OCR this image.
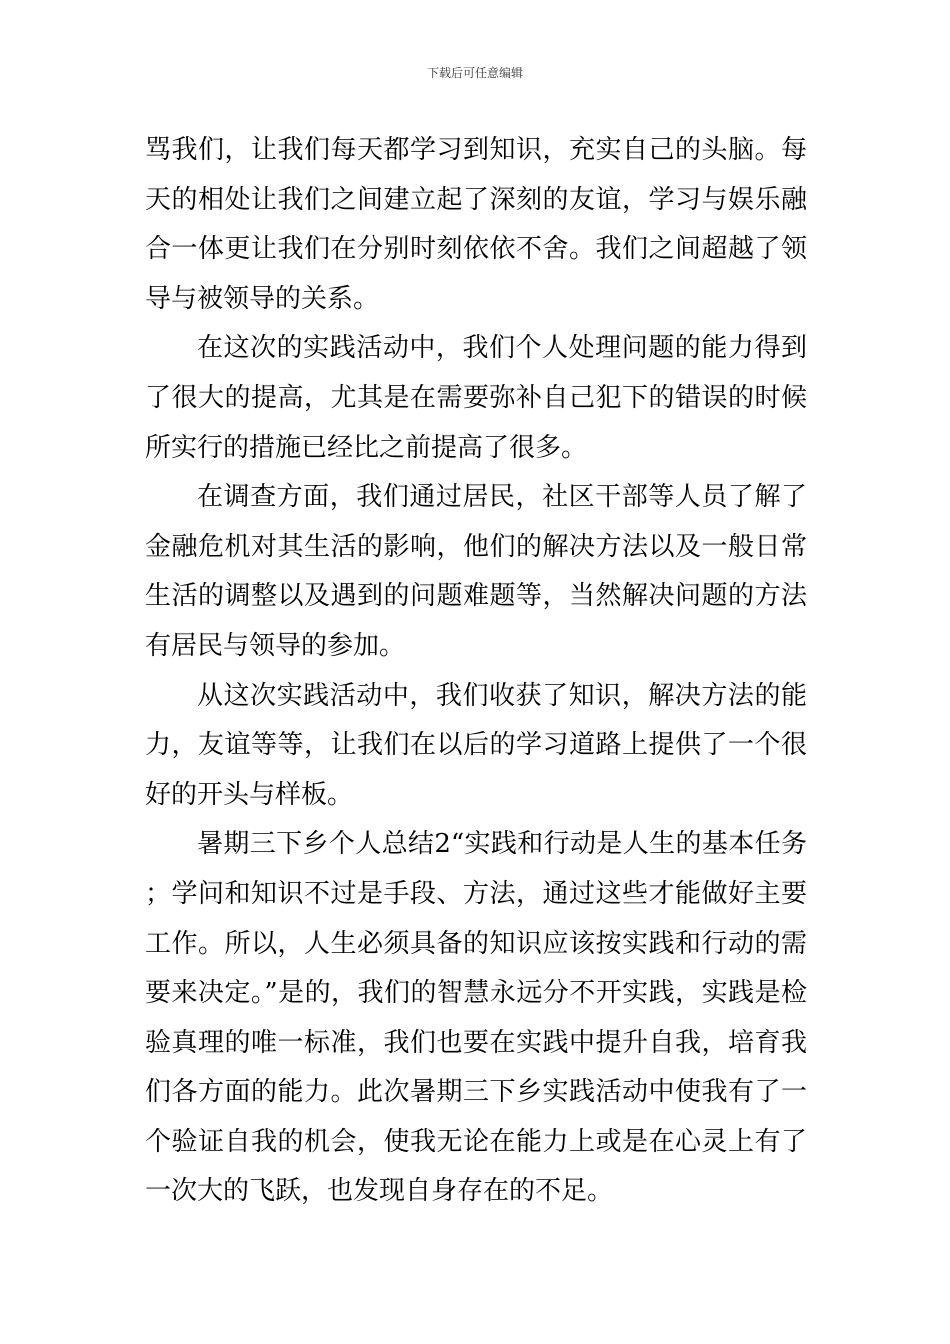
下载后可任意编辑

骂我们，让我们每天都学习到知识，充实自己的头脑。每天的相处让我们之间建立起了深刻的友谊，学习与娱乐融合一体更让我们在分别时刻依依不舍。我们之间超越了领导与被领导的关系。

在这次的实践活动中，我们个人处理问题的能力得到了很大的提高，尤其是在需要弥补自己犯下的错误的时候所实行的措施已经比之前提高了很多。

在调查方面，我们通过居民，社区干部等人员了解了金融危机对其生活的影响，他们的解决方法以及一般日常生活的调整以及遇到的问题难题等，当然解决问题的方法有居民与领导的参加。

从这次实践活动中，我们收获了知识，解决方法的能力，友谊等等，让我们在以后的学习道路上提供了一个很好的开头与样板。

暑期三下乡个人总结2“实践和行动是人生的基本任务；学问和知识不过是手段、方法，通过这些才能做好主要工作。所以，人生必须具备的知识应该按实践和行动的需要来决定。”是的，我们的智慧永远分不开实践，实践是检验真理的唯一标准，我们也要在实践中提升自我，培育我们各方面的能力。此次暑期三下乡实践活动中使我有了一个验证自我的机会，使我无论在能力上或是在心灵上有了一次大的飞跃，也发现自身存在的不足。
